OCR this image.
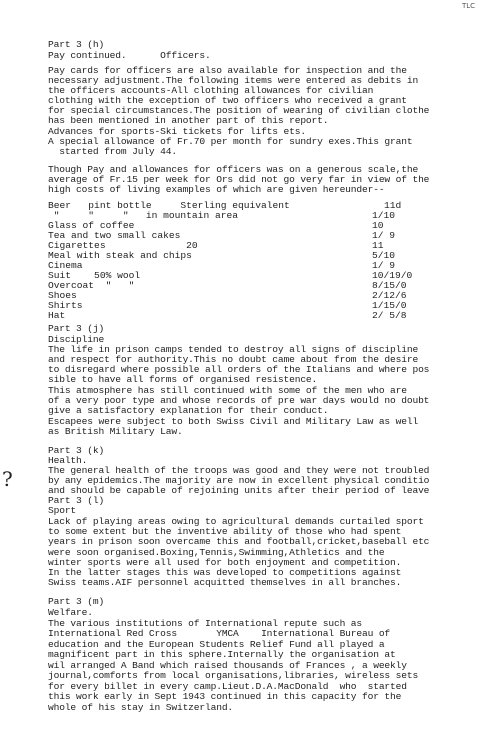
TLC
?
Part 3 (h)
Pay continued.      Officers.
Pay cards for officers are also available for inspection and the
necessary adjustment.The following items were entered as debits in
the officers accounts-All clothing allowances for civilian
clothing with the exception of two officers who received a grant
for special circumstances.The position of wearing of civilian clothe
has been mentioned in another part of this report.
Advances for sports-Ski tickets for lifts ets.
A special allowance of Fr.70 per month for sundry exes.This grant
started from July 44.
Though Pay and allowances for officers was on a generous scale,the
average of Fr.15 per week for Ors did not go very far in view of the
high costs of living examples of which are given hereunder--
Beer   pint bottle     Sterling equivalent	11d
"     "     "   in mountain area	1/10
Glass of coffee	10
Tea and two small cakes	1/ 9
Cigarettes              20	11
Meal with steak and chips	5/10
Cinema	1/ 9
Suit    50% wool	10/19/0
Overcoat  "   "	8/15/0
Shoes	2/12/6
Shirts	1/15/0
Hat	2/ 5/8
Part 3 (j)
Discipline
The life in prison camps tended to destroy all signs of discipline
and respect for authority.This no doubt came about from the desire
to disregard where possible all orders of the Italians and where pos
sible to have all forms of organised resistence.
This atmosphere has still continued with some of the men who are
of a very poor type and whose records of pre war days would no doubt
give a satisfactory explanation for their conduct.
Escapees were subject to both Swiss Civil and Military Law as well
as British Military Law.
Part 3 (k)
Health.
The general health of the troops was good and they were not troubled
by any epidemics.The majority are now in excellent physical conditio
and should be capable of rejoining units after their period of leave
Part 3 (l)
Sport
Lack of playing areas owing to agricultural demands curtailed sport
to some extent but the inventive ability of those who had spent
years in prison soon overcame this and football,cricket,baseball etc
were soon organised.Boxing,Tennis,Swimming,Athletics and the
winter sports were all used for both enjoyment and competition.
In the latter stages this was developed to competitions against
Swiss teams.AIF personnel acquitted themselves in all branches.
Part 3 (m)
Welfare.
The various institutions of International repute such as
International Red Cross       YMCA    International Bureau of
education and the European Students Relief Fund all played a
magnificent part in this sphere.Internally the organisation at
wil arranged A Band which raised thousands of Frances , a weekly
journal,comforts from local organisations,libraries, wireless sets
for every billet in every camp.Lieut.D.A.MacDonald  who  started
this work early in Sept 1943 continued in this capacity for the
whole of his stay in Switzerland.
